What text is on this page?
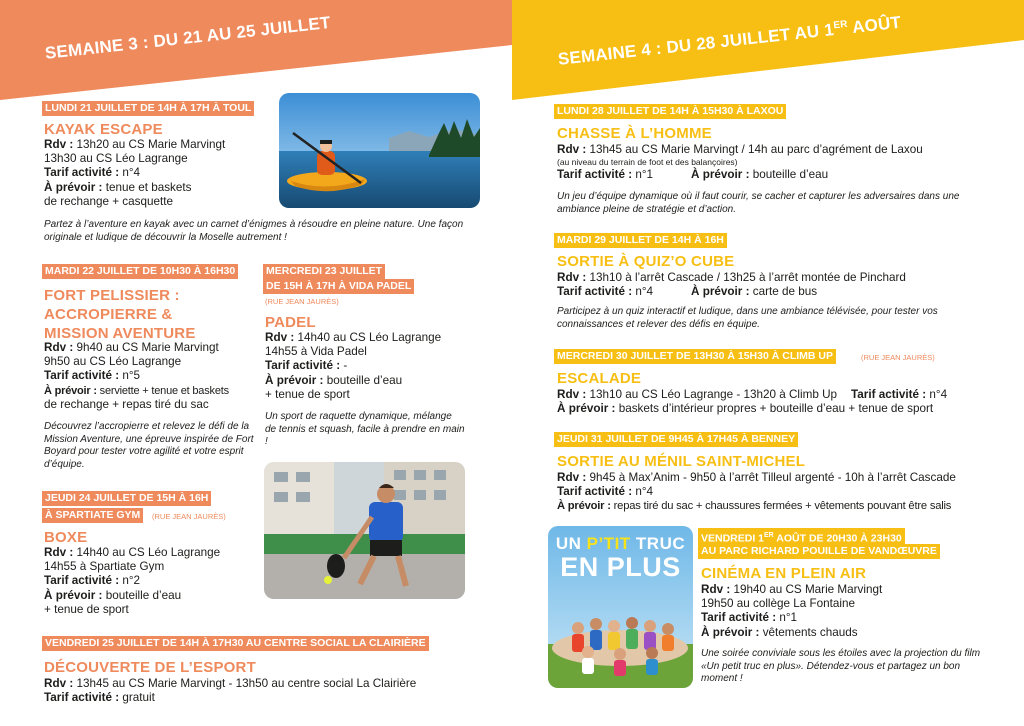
SEMAINE 3 : DU 21 AU 25 JUILLET	SEMAINE 4 : DU 28 JUILLET AU 1ER AOÛT
LUNDI 21 JUILLET DE 14H À 17H À TOUL
KAYAK ESCAPE
Rdv : 13h20 au CS Marie Marvingt
13h30 au CS Léo Lagrange
Tarif activité : n°4
À prévoir : tenue et baskets
de rechange + casquette
Partez à l’aventure en kayak avec un carnet d’énigmes à résoudre en pleine nature. Une façon originale et ludique de découvrir la Moselle autrement !
MARDI 22 JUILLET DE 10H30 À 16H30
FORT PELISSIER :
ACCROPIERRE &
MISSION AVENTURE
Rdv : 9h40 au CS Marie Marvingt
9h50 au CS Léo Lagrange
Tarif activité : n°5
À prévoir : serviette + tenue et baskets
de rechange + repas tiré du sac
Découvrez l’accropierre et relevez le défi de la Mission Aventure, une épreuve inspirée de Fort Boyard pour tester votre agilité et votre esprit d’équipe.
MERCREDI 23 JUILLET
DE 15H À 17H À VIDA PADEL
(RUE JEAN JAURÈS)
PADEL
Rdv : 14h40 au CS Léo Lagrange
14h55 à Vida Padel
Tarif activité : -
À prévoir : bouteille d’eau
+ tenue de sport
Un sport de raquette dynamique, mélange de tennis et squash, facile à prendre en main !
JEUDI 24 JUILLET DE 15H À 16H
À SPARTIATE GYM	(RUE JEAN JAURÈS)
BOXE
Rdv : 14h40 au CS Léo Lagrange
14h55 à Spartiate Gym
Tarif activité : n°2
À prévoir : bouteille d’eau
+ tenue de sport
VENDREDI 25 JUILLET DE 14H À 17H30 AU CENTRE SOCIAL LA CLAIRIÈRE
DÉCOUVERTE DE L’ESPORT
Rdv : 13h45 au CS Marie Marvingt - 13h50 au centre social La Clairière
Tarif activité : gratuit
LUNDI 28 JUILLET DE 14H À 15H30 À LAXOU
CHASSE À L’HOMME
Rdv : 13h45 au CS Marie Marvingt / 14h au parc d’agrément de Laxou
(au niveau du terrain de foot et des balançoires)
Tarif activité : n°1	À prévoir : bouteille d’eau
Un jeu d’équipe dynamique où il faut courir, se cacher et capturer les adversaires dans une ambiance pleine de stratégie et d’action.
MARDI 29 JUILLET DE 14H À 16H
SORTIE À QUIZ’O CUBE
Rdv : 13h10 à l’arrêt Cascade / 13h25 à l’arrêt montée de Pinchard
Tarif activité : n°4	À prévoir : carte de bus
Participez à un quiz interactif et ludique, dans une ambiance télévisée, pour tester vos connaissances et relever des défis en équipe.
MERCREDI 30 JUILLET DE 13H30 À 15H30 À CLIMB UP	(RUE JEAN JAURÈS)
ESCALADE
Rdv : 13h10 au CS Léo Lagrange - 13h20 à Climb Up Tarif activité : n°4
À prévoir : baskets d’intérieur propres + bouteille d’eau + tenue de sport
JEUDI 31 JUILLET DE 9H45 À 17H45 À BENNEY
SORTIE AU MÉNIL SAINT-MICHEL
Rdv : 9h45 à Max’Anim - 9h50 à l’arrêt Tilleul argenté - 10h à l’arrêt Cascade
Tarif activité : n°4
À prévoir : repas tiré du sac + chaussures fermées + vêtements pouvant être salis
UN P’TIT TRUC
EN PLUS
VENDREDI 1ER AOÛT DE 20H30 À 23H30
AU PARC RICHARD POUILLE DE VANDŒUVRE
CINÉMA EN PLEIN AIR
Rdv : 19h40 au CS Marie Marvingt
19h50 au collège La Fontaine
Tarif activité : n°1
À prévoir : vêtements chauds
Une soirée conviviale sous les étoiles avec la projection du film «Un petit truc en plus». Détendez-vous et partagez un bon moment !
